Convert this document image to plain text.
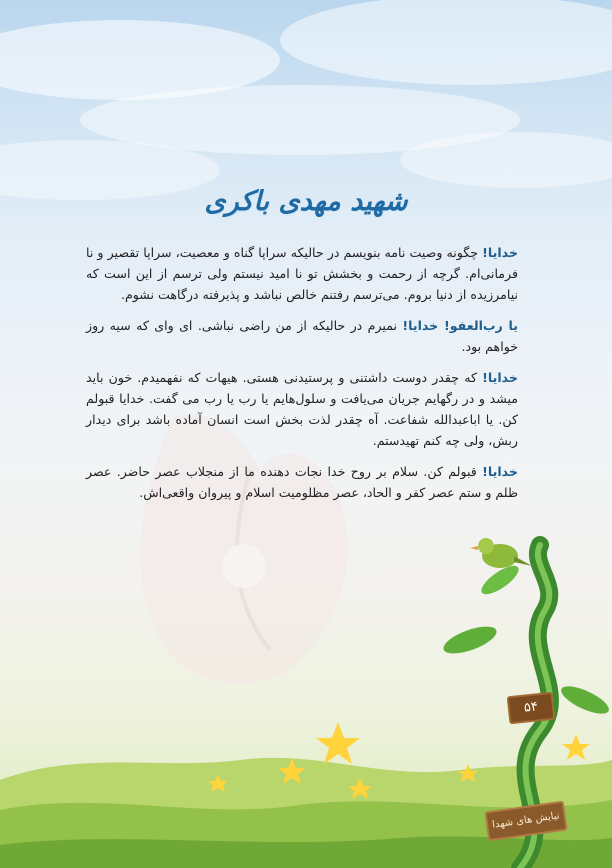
شهید مهدی باکری

خدایا! چگونه وصیت نامه بنویسم در حالیکه سراپا گناه و معصیت، سراپا تقصیر و نا فرمانی‌ام. گرچه از رحمت و بخشش تو نا امید نیستم ولی ترسم از این است که نیامرزیده از دنیا بروم. می‌ترسم رفتنم خالص نباشد و پذیرفته درگاهت نشوم.

یا رب‌العفو! خدایا! نمیرم در حالیکه از من راضی نباشی. ای وای که سیه روز خواهم بود.

خدایا! که چقدر دوست داشتنی و پرستیدنی هستی. هیهات که نفهمیدم. خون باید میشد و در رگهایم جریان می‌یافت و سلول‌هایم یا رب یا رب می گفت. خدایا قبولم کن. یا اباعبدالله شفاعت. آه چقدر لذت بخش است انسان آماده باشد برای دیدار ربش، ولی چه کنم تهیدستم.

خدایا! قبولم کن. سلام بر روح خدا نجات دهنده ما از منجلاب عصر حاضر. عصر ظلم و ستم عصر کفر و الحاد، عصر مظلومیت اسلام و پیروان واقعی‌اش.

۵۴
نیایش های شهدا
